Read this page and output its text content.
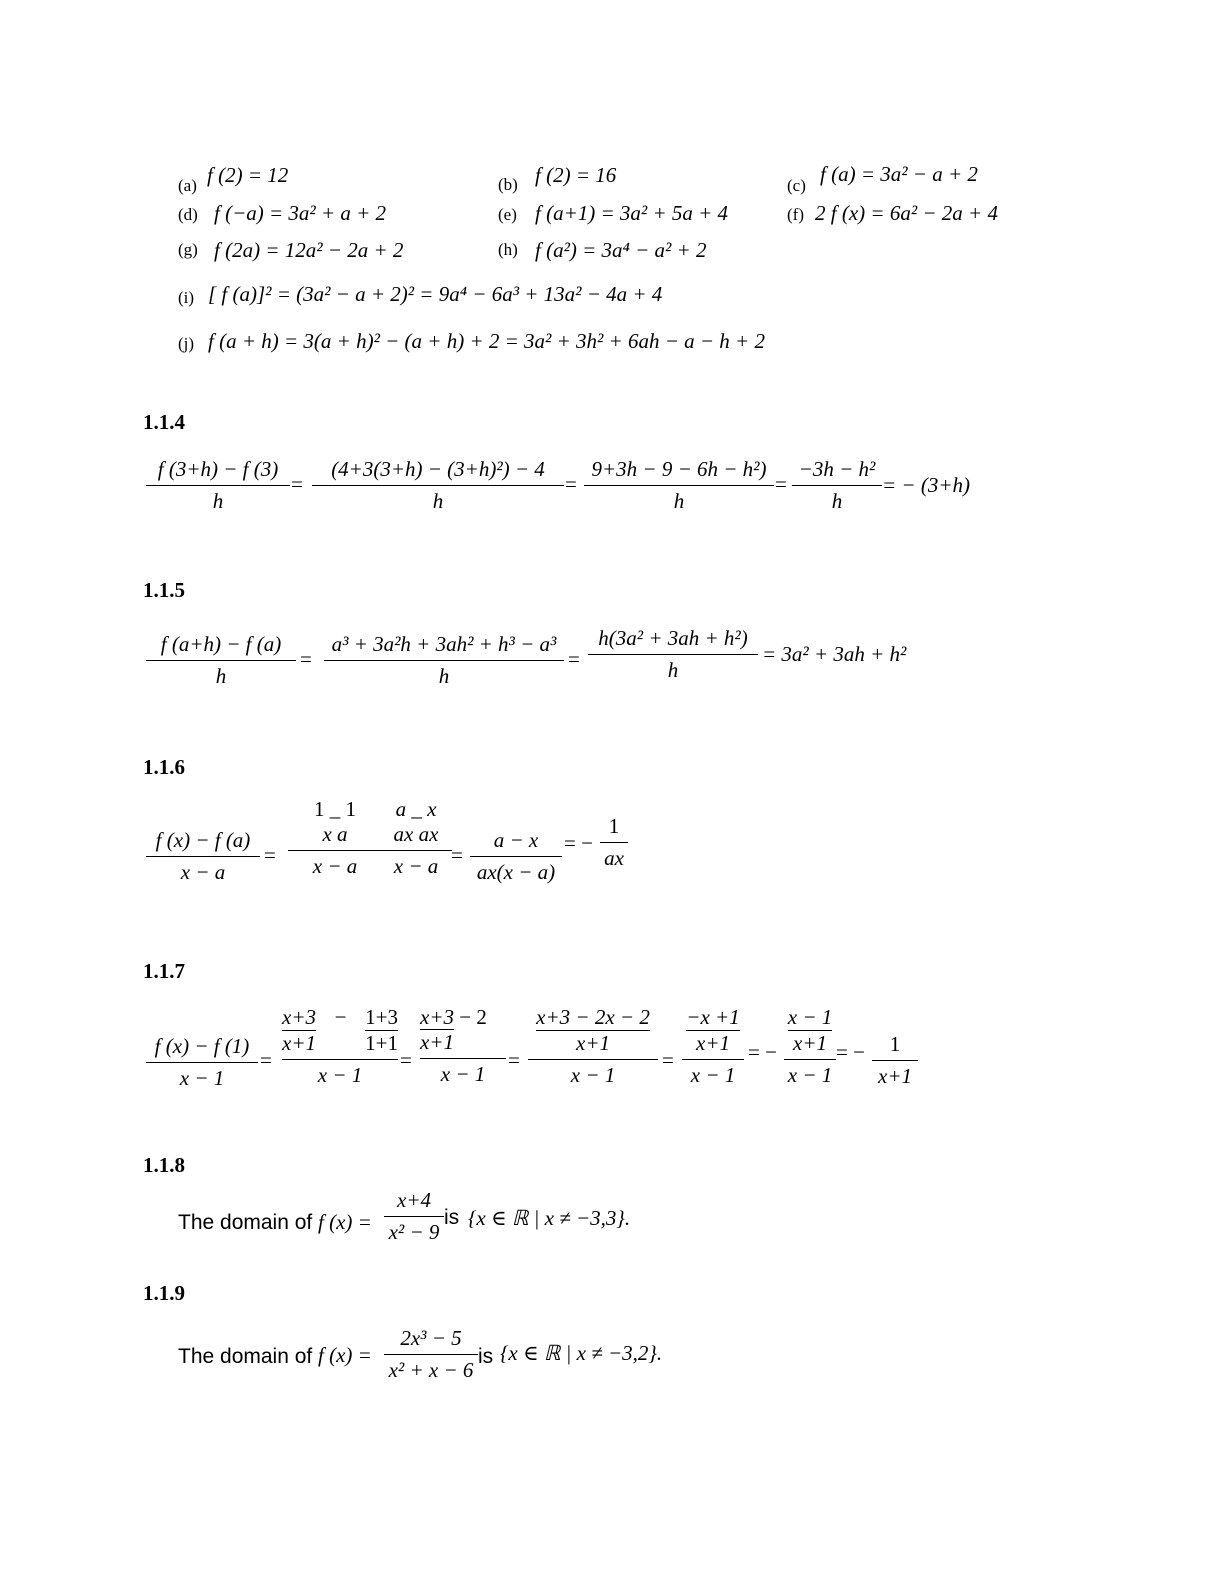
(a) f (2) = 12	(b) f (2) = 16	(c) f (a) = 3a² − a + 2
(d) f (−a) = 3a² + a + 2	(e) f (a+1) = 3a² + 5a + 4	(f) 2 f (x) = 6a² − 2a + 4
(g) f (2a) = 12a² − 2a + 2	(h) f (a²) = 3a⁴ − a² + 2
(i) [ f (a)]² = (3a² − a + 2)² = 9a⁴ − 6a³ + 13a² − 4a + 4
(j) f (a + h) = 3(a + h)² − (a + h) + 2 = 3a² + 3h² + 6ah − a − h + 2
1.1.4
f (3+h) − f (3)
h
=
(4+3(3+h) − (3+h)²) − 4
h
=
9+3h − 9 − 6h − h²)
h
=
−3h − h²
h
= − (3+h)
1.1.5
f (a+h) − f (a)
h
=
a³ + 3a²h + 3ah² + h³ − a³
h
=
h(3a² + 3ah + h²)
h
= 3a² + 3ah + h²
1.1.6
f (x) − f (a)
x − a
=
1 _ 1
x a
x − a
a _ x
ax ax
x − a =
a − x
ax(x − a)
= −
1
ax
1.1.7
f (x) − f (1)
x − 1
=
x+3 − 1+3
x+1 1+1
x − 1
=
x+3 − 2
x+1
x − 1
=
x+3 − 2x − 2
x+1
x − 1
=
−x +1
x+1
x − 1
= −
x − 1
x+1
x − 1
= −	1
x+1
1.1.8
The domain of f (x) =
x+4
x² − 9
is {x ∈ ℝ | x ≠ −3,3}.
1.1.9
The domain of f (x) =
2x³ − 5
x² + x − 6
is {x ∈ ℝ | x ≠ −3,2}.
